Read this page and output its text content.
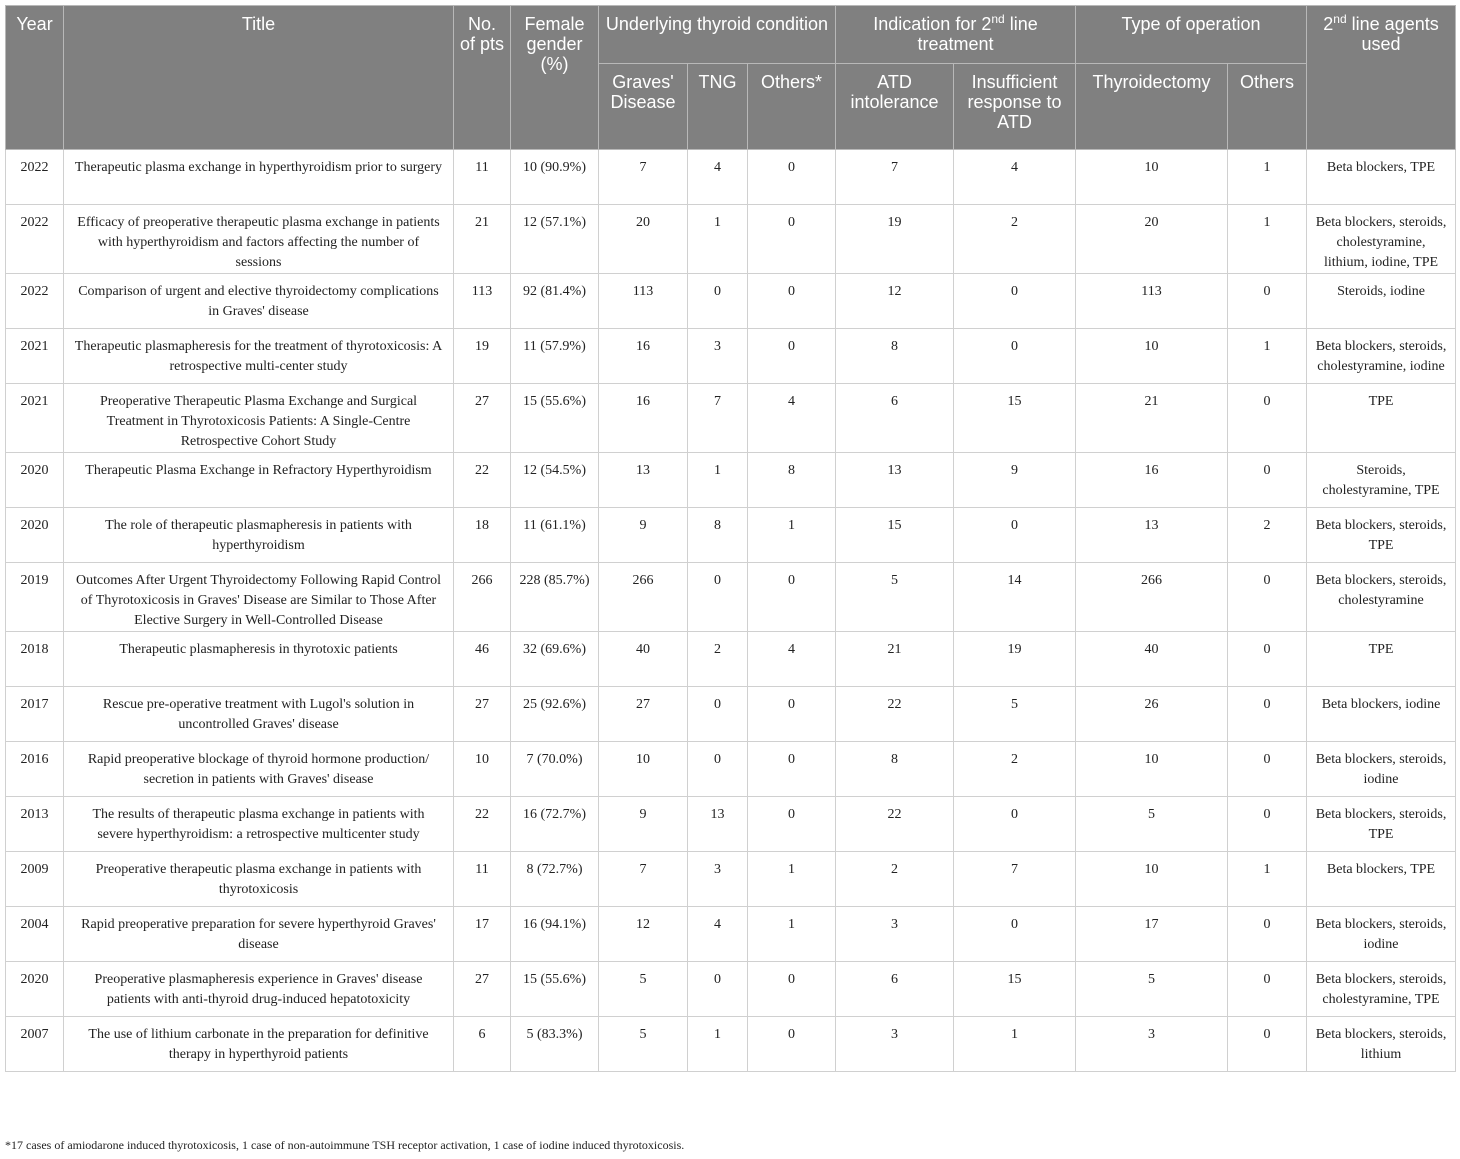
Year	Title	No. of pts	Female gender (%)	Underlying thyroid condition			Indication for 2nd line treatment		Type of operation		2nd line agents used
				Graves' Disease	TNG	Others*	ATD intolerance	Insufficient response to ATD	Thyroidectomy	Others	
2022	Therapeutic plasma exchange in hyperthyroidism prior to surgery	11	10 (90.9%)	7	4	0	7	4	10	1	Beta blockers, TPE
2022	Efficacy of preoperative therapeutic plasma exchange in patients with hyperthyroidism and factors affecting the number of sessions	21	12 (57.1%)	20	1	0	19	2	20	1	Beta blockers, steroids, cholestyramine, lithium, iodine, TPE
2022	Comparison of urgent and elective thyroidectomy complications in Graves' disease	113	92 (81.4%)	113	0	0	12	0	113	0	Steroids, iodine
2021	Therapeutic plasmapheresis for the treatment of thyrotoxicosis: A retrospective multi-center study	19	11 (57.9%)	16	3	0	8	0	10	1	Beta blockers, steroids, cholestyramine, iodine
2021	Preoperative Therapeutic Plasma Exchange and Surgical Treatment in Thyrotoxicosis Patients: A Single-Centre Retrospective Cohort Study	27	15 (55.6%)	16	7	4	6	15	21	0	TPE
2020	Therapeutic Plasma Exchange in Refractory Hyperthyroidism	22	12 (54.5%)	13	1	8	13	9	16	0	Steroids, cholestyramine, TPE
2020	The role of therapeutic plasmapheresis in patients with hyperthyroidism	18	11 (61.1%)	9	8	1	15	0	13	2	Beta blockers, steroids, TPE
2019	Outcomes After Urgent Thyroidectomy Following Rapid Control of Thyrotoxicosis in Graves' Disease are Similar to Those After Elective Surgery in Well-Controlled Disease	266	228 (85.7%)	266	0	0	5	14	266	0	Beta blockers, steroids, cholestyramine
2018	Therapeutic plasmapheresis in thyrotoxic patients	46	32 (69.6%)	40	2	4	21	19	40	0	TPE
2017	Rescue pre-operative treatment with Lugol's solution in uncontrolled Graves' disease	27	25 (92.6%)	27	0	0	22	5	26	0	Beta blockers, iodine
2016	Rapid preoperative blockage of thyroid hormone production/ secretion in patients with Graves' disease	10	7 (70.0%)	10	0	0	8	2	10	0	Beta blockers, steroids, iodine
2013	The results of therapeutic plasma exchange in patients with severe hyperthyroidism: a retrospective multicenter study	22	16 (72.7%)	9	13	0	22	0	5	0	Beta blockers, steroids, TPE
2009	Preoperative therapeutic plasma exchange in patients with thyrotoxicosis	11	8 (72.7%)	7	3	1	2	7	10	1	Beta blockers, TPE
2004	Rapid preoperative preparation for severe hyperthyroid Graves' disease	17	16 (94.1%)	12	4	1	3	0	17	0	Beta blockers, steroids, iodine
2020	Preoperative plasmapheresis experience in Graves' disease patients with anti-thyroid drug-induced hepatotoxicity	27	15 (55.6%)	5	0	0	6	15	5	0	Beta blockers, steroids, cholestyramine, TPE
2007	The use of lithium carbonate in the preparation for definitive therapy in hyperthyroid patients	6	5 (83.3%)	5	1	0	3	1	3	0	Beta blockers, steroids, lithium
*17 cases of amiodarone induced thyrotoxicosis, 1 case of non-autoimmune TSH receptor activation, 1 case of iodine induced thyrotoxicosis.
